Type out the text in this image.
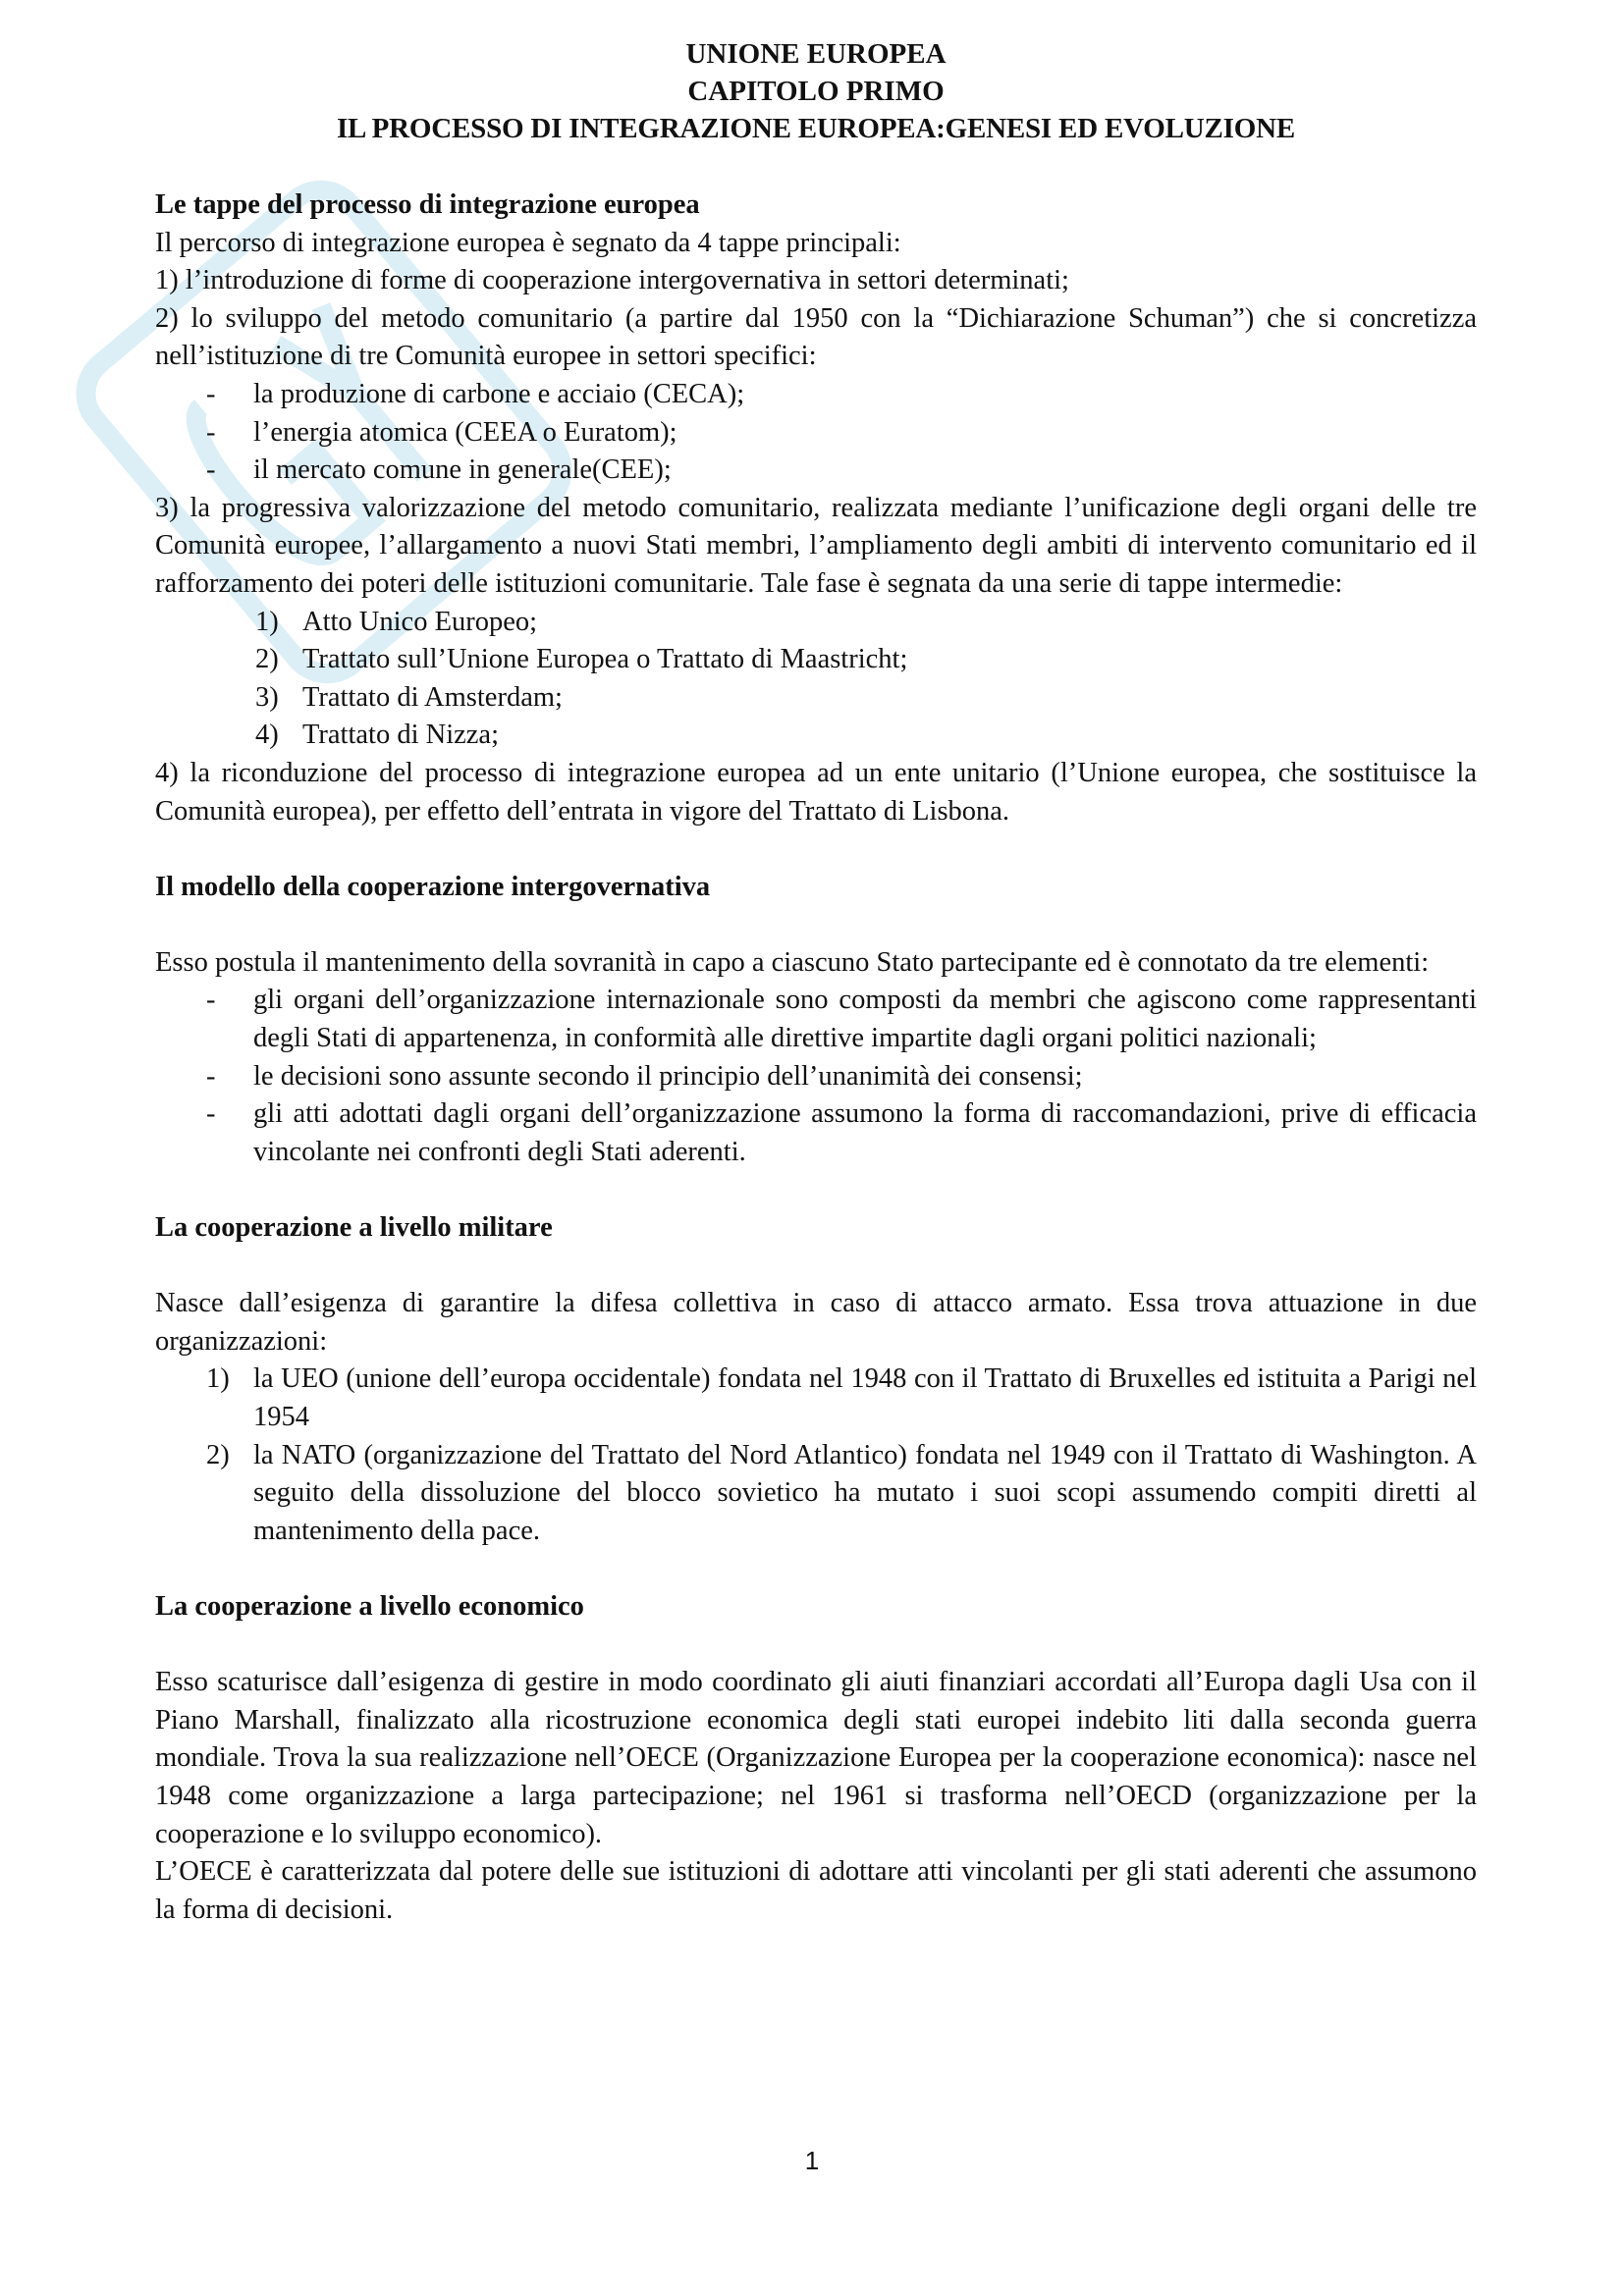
UNIONE EUROPEA
CAPITOLO PRIMO
IL PROCESSO DI INTEGRAZIONE EUROPEA:GENESI ED EVOLUZIONE

Le tappe del processo di integrazione europea

Il percorso di integrazione europea è segnato da 4 tappe principali:

1) l’introduzione di forme di cooperazione intergovernativa in settori determinati;

2) lo sviluppo del metodo comunitario (a partire dal 1950 con la “Dichiarazione Schuman”) che si concretizza nell’istituzione di tre Comunità europee in settori specifici:

- la produzione di carbone e acciaio (CECA);
- l’energia atomica (CEEA o Euratom);
- il mercato comune in generale(CEE);

3) la progressiva valorizzazione del metodo comunitario, realizzata mediante l’unificazione degli organi delle tre Comunità europee, l’allargamento a nuovi Stati membri, l’ampliamento degli ambiti di intervento comunitario ed il rafforzamento dei poteri delle istituzioni comunitarie. Tale fase è segnata da una serie di tappe intermedie:

1) Atto Unico Europeo;
2) Trattato sull’Unione Europea o Trattato di Maastricht;
3) Trattato di Amsterdam;
4) Trattato di Nizza;

4) la riconduzione del processo di integrazione europea ad un ente unitario (l’Unione europea, che sostituisce la Comunità europea), per effetto dell’entrata in vigore del Trattato di Lisbona.

Il modello della cooperazione intergovernativa

Esso postula il mantenimento della sovranità in capo a ciascuno Stato partecipante ed è connotato da tre elementi:

- gli organi dell’organizzazione internazionale sono composti da membri che agiscono come rappresentanti degli Stati di appartenenza, in conformità alle direttive impartite dagli organi politici nazionali;
- le decisioni sono assunte secondo il principio dell’unanimità dei consensi;
- gli atti adottati dagli organi dell’organizzazione assumono la forma di raccomandazioni, prive di efficacia vincolante nei confronti degli Stati aderenti.

La cooperazione a livello militare

Nasce dall’esigenza di garantire la difesa collettiva in caso di attacco armato. Essa trova attuazione in due organizzazioni:

1) la UEO (unione dell’europa occidentale) fondata nel 1948 con il Trattato di Bruxelles ed istituita a Parigi nel 1954
2) la NATO (organizzazione del Trattato del Nord Atlantico) fondata nel 1949 con il Trattato di Washington. A seguito della dissoluzione del blocco sovietico ha mutato i suoi scopi assumendo compiti diretti al mantenimento della pace.

La cooperazione a livello economico

Esso scaturisce dall’esigenza di gestire in modo coordinato gli aiuti finanziari accordati all’Europa dagli Usa con il Piano Marshall, finalizzato alla ricostruzione economica degli stati europei indebito liti dalla seconda guerra mondiale. Trova la sua realizzazione nell’OECE (Organizzazione Europea per la cooperazione economica): nasce nel 1948 come organizzazione a larga partecipazione; nel 1961 si trasforma nell’OECD (organizzazione per la cooperazione e lo sviluppo economico).

L’OECE è caratterizzata dal potere delle sue istituzioni di adottare atti vincolanti per gli stati aderenti che assumono la forma di decisioni.

1
